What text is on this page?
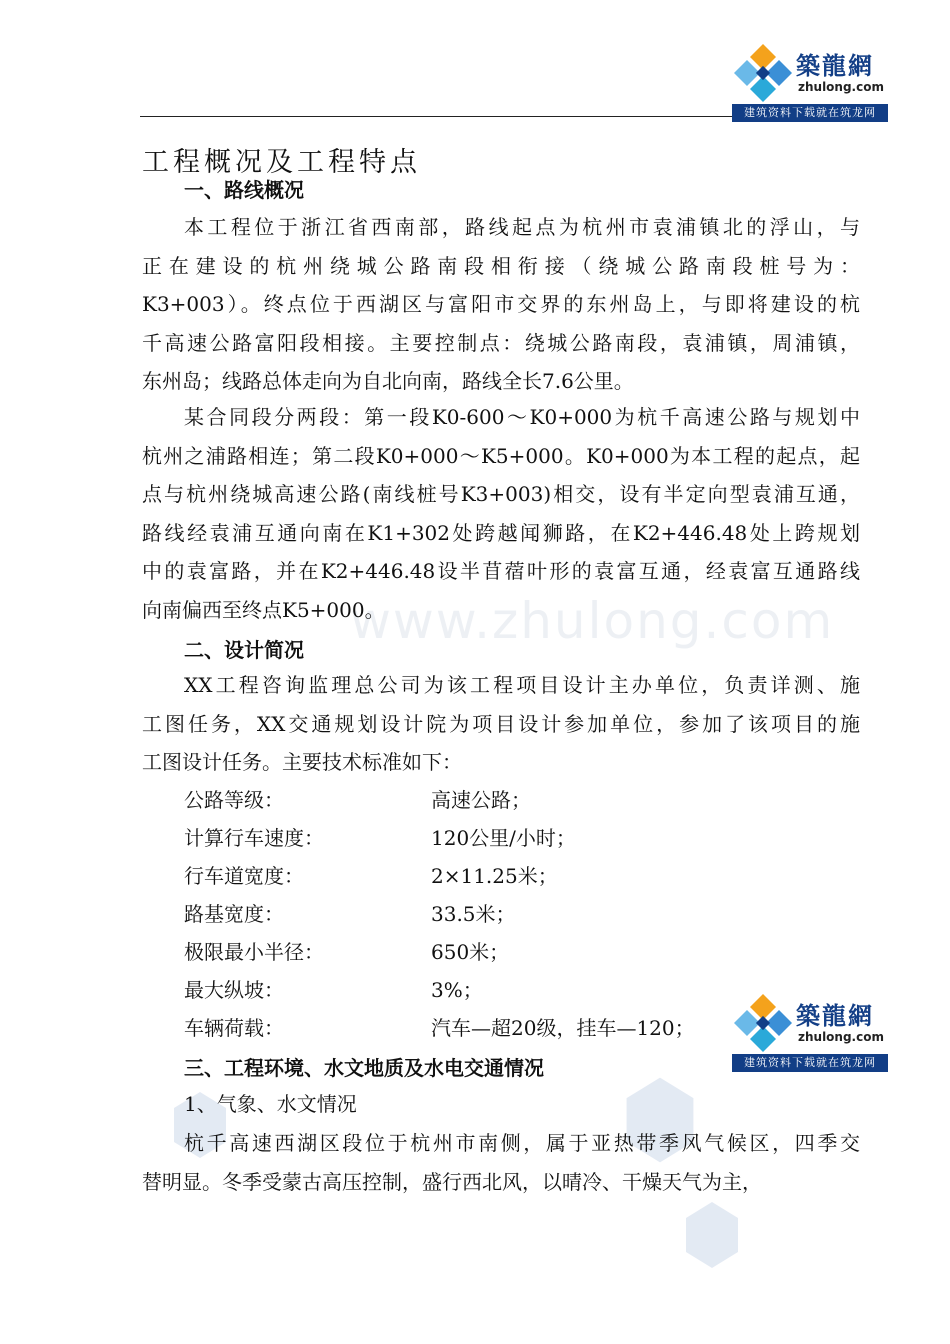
www.zhulong.com
築龍網
zhulong.com
建筑资料下载就在筑龙网
工程概况及工程特点
一、路线概况
本工程位于浙江省西南部，路线起点为杭州市袁浦镇北的浮山，与
正在建设的杭州绕城公路南段相衔接（绕城公路南段桩号为：
K3+003）。终点位于西湖区与富阳市交界的东州岛上，与即将建设的杭
千高速公路富阳段相接。主要控制点：绕城公路南段，袁浦镇，周浦镇，
东州岛；线路总体走向为自北向南，路线全长7.6公里。
某合同段分两段：第一段K0-600～K0+000为杭千高速公路与规划中
杭州之浦路相连；第二段K0+000～K5+000。K0+000为本工程的起点，起
点与杭州绕城高速公路(南线桩号K3+003)相交，设有半定向型袁浦互通，
路线经袁浦互通向南在K1+302处跨越闻狮路，在K2+446.48处上跨规划
中的袁富路，并在K2+446.48设半苜蓿叶形的袁富互通，经袁富互通路线
向南偏西至终点K5+000。
二、设计简况
XX工程咨询监理总公司为该工程项目设计主办单位，负责详测、施
工图任务，XX交通规划设计院为项目设计参加单位，参加了该项目的施
工图设计任务。主要技术标准如下：
公路等级：	高速公路；
计算行车速度：	120公里/小时；
行车道宽度：	2×11.25米；
路基宽度：	33.5米；
极限最小半径：	650米；
最大纵坡：	3%；
车辆荷载：	汽车—超20级，挂车—120；	築龍網
zhulong.com
建筑资料下载就在筑龙网
三、工程环境、水文地质及水电交通情况
1、气象、水文情况
杭千高速西湖区段位于杭州市南侧，属于亚热带季风气候区，四季交
替明显。冬季受蒙古高压控制，盛行西北风，以晴冷、干燥天气为主，
